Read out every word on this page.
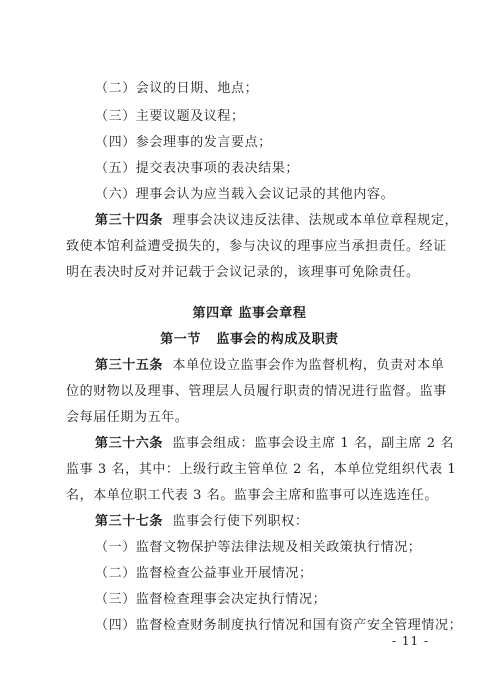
（二）会议的日期、地点；
（三）主要议题及议程；
（四）参会理事的发言要点；
（五）提交表决事项的表决结果；
（六）理事会认为应当载入会议记录的其他内容。
第三十四条 理事会决议违反法律、法规或本单位章程规定，
致使本馆利益遭受损失的，参与决议的理事应当承担责任。经证
明在表决时反对并记载于会议记录的，该理事可免除责任。
第四章 监事会章程
第一节   监事会的构成及职责
第三十五条 本单位设立监事会作为监督机构，负责对本单
位的财物以及理事、管理层人员履行职责的情况进行监督。监事
会每届任期为五年。
第三十六条 监事会组成：监事会设主席 1 名，副主席 2 名
监事 3 名，其中：上级行政主管单位 2 名，本单位党组织代表 1
名，本单位职工代表 3 名。监事会主席和监事可以连选连任。
第三十七条 监事会行使下列职权：
（一）监督文物保护等法律法规及相关政策执行情况；
（二）监督检查公益事业开展情况；
（三）监督检查理事会决定执行情况；
（四）监督检查财务制度执行情况和国有资产安全管理情况；
- 11 -
